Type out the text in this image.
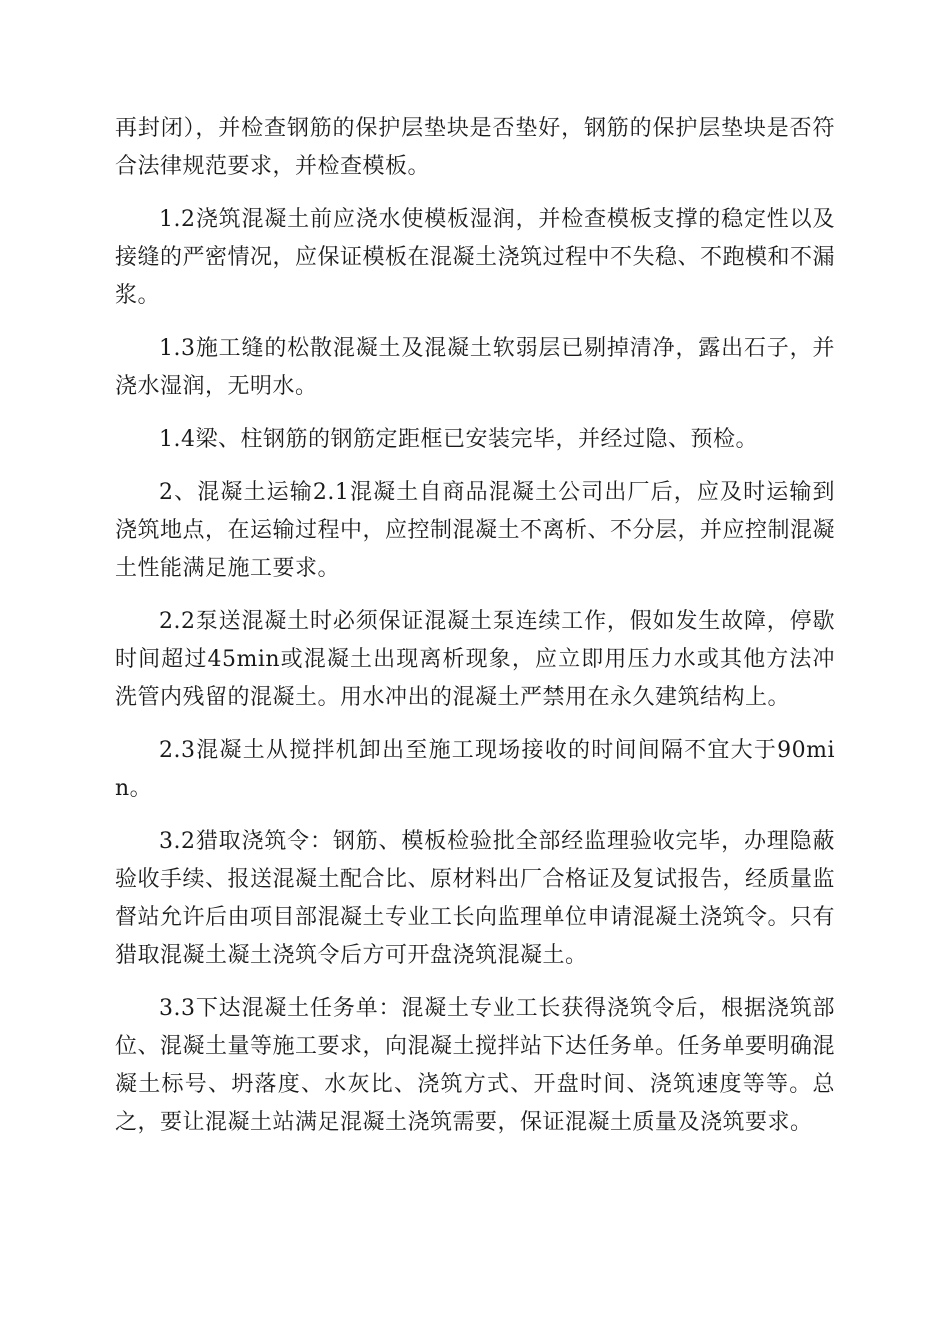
再封闭），并检查钢筋的保护层垫块是否垫好，钢筋的保护层垫块是否符合法律规范要求，并检查模板。

1.2浇筑混凝土前应浇水使模板湿润，并检查模板支撑的稳定性以及接缝的严密情况，应保证模板在混凝土浇筑过程中不失稳、不跑模和不漏浆。

1.3施工缝的松散混凝土及混凝土软弱层已剔掉清净，露出石子，并浇水湿润，无明水。

1.4梁、柱钢筋的钢筋定距框已安装完毕，并经过隐、预检。

2、混凝土运输2.1混凝土自商品混凝土公司出厂后，应及时运输到浇筑地点，在运输过程中，应控制混凝土不离析、不分层，并应控制混凝土性能满足施工要求。

2.2泵送混凝土时必须保证混凝土泵连续工作，假如发生故障，停歇时间超过45min或混凝土出现离析现象，应立即用压力水或其他方法冲洗管内残留的混凝土。用水冲出的混凝土严禁用在永久建筑结构上。

2.3混凝土从搅拌机卸出至施工现场接收的时间间隔不宜大于90min。

3.2猎取浇筑令：钢筋、模板检验批全部经监理验收完毕，办理隐蔽验收手续、报送混凝土配合比、原材料出厂合格证及复试报告，经质量监督站允许后由项目部混凝土专业工长向监理单位申请混凝土浇筑令。只有猎取混凝土凝土浇筑令后方可开盘浇筑混凝土。

3.3下达混凝土任务单：混凝土专业工长获得浇筑令后，根据浇筑部位、混凝土量等施工要求，向混凝土搅拌站下达任务单。任务单要明确混凝土标号、坍落度、水灰比、浇筑方式、开盘时间、浇筑速度等等。总之，要让混凝土站满足混凝土浇筑需要，保证混凝土质量及浇筑要求。
